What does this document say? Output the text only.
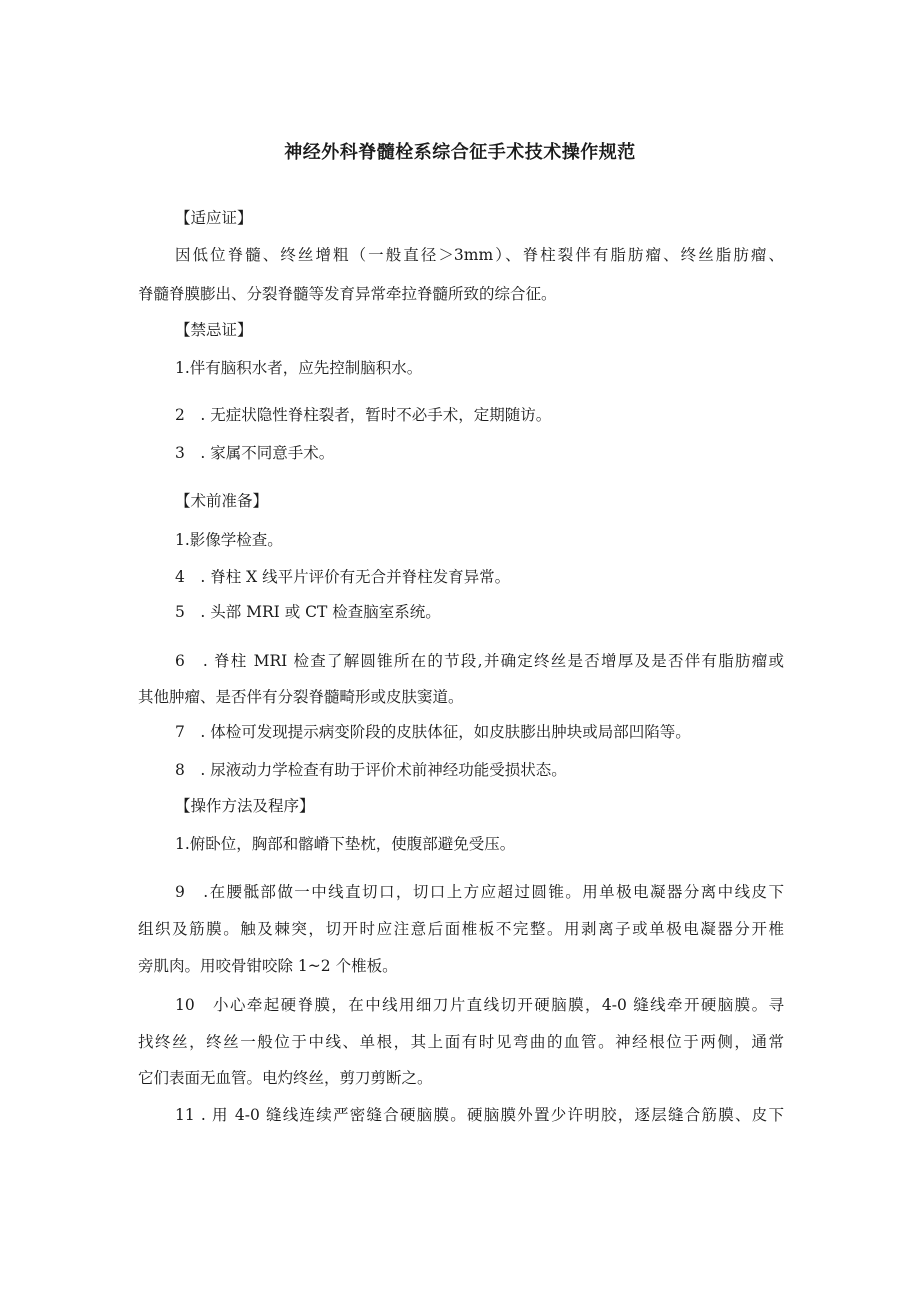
神经外科脊髓栓系综合征手术技术操作规范
【适应证】
因低位脊髓、终丝增粗（一般直径＞3mm）、脊柱裂伴有脂肪瘤、终丝脂肪瘤、
脊髓脊膜膨出、分裂脊髓等发育异常牵拉脊髓所致的综合征。
【禁忌证】
1.伴有脑积水者，应先控制脑积水。
2　. 无症状隐性脊柱裂者，暂时不必手术，定期随访。
3　. 家属不同意手术。
【术前准备】
1.影像学检查。
4　. 脊柱 X 线平片评价有无合并脊柱发育异常。
5　. 头部 MRI 或 CT 检查脑室系统。
6　. 脊柱 MRI 检查了解圆锥所在的节段,并确定终丝是否增厚及是否伴有脂肪瘤或
其他肿瘤、是否伴有分裂脊髓畸形或皮肤窦道。
7　. 体检可发现提示病变阶段的皮肤体征，如皮肤膨出肿块或局部凹陷等。
8　. 尿液动力学检查有助于评价术前神经功能受损状态。
【操作方法及程序】
1.俯卧位，胸部和髂嵴下垫枕，使腹部避免受压。
9　.在腰骶部做一中线直切口，切口上方应超过圆锥。用单极电凝器分离中线皮下
组织及筋膜。触及棘突，切开时应注意后面椎板不完整。用剥离子或单极电凝器分开椎
旁肌肉。用咬骨钳咬除 1~2 个椎板。
10　小心牵起硬脊膜，在中线用细刀片直线切开硬脑膜，4-0 缝线牵开硬脑膜。寻
找终丝，终丝一般位于中线、单根，其上面有时见弯曲的血管。神经根位于两侧，通常
它们表面无血管。电灼终丝，剪刀剪断之。
11 . 用 4-0 缝线连续严密缝合硬脑膜。硬脑膜外置少许明胶，逐层缝合筋膜、皮下
